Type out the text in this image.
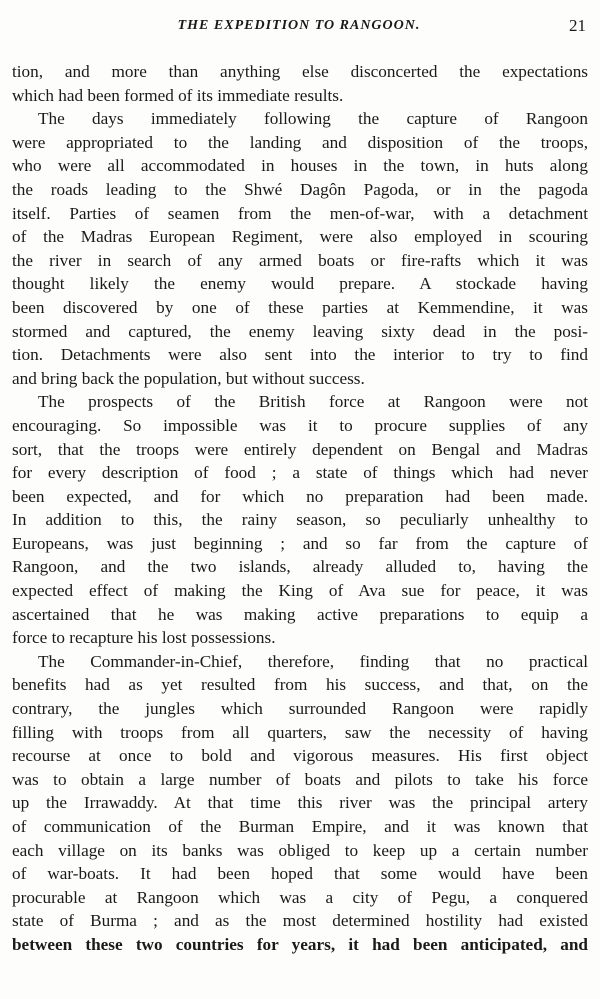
THE EXPEDITION TO RANGOON.	21
tion, and more than anything else disconcerted the expectations
which had been formed of its immediate results.
The days immediately following the capture of Rangoon
were appropriated to the landing and disposition of the troops,
who were all accommodated in houses in the town, in huts along
the roads leading to the Shwé Dagôn Pagoda, or in the pagoda
itself. Parties of seamen from the men-of-war, with a detachment
of the Madras European Regiment, were also employed in scouring
the river in search of any armed boats or fire-rafts which it was
thought likely the enemy would prepare. A stockade having
been discovered by one of these parties at Kemmendine, it was
stormed and captured, the enemy leaving sixty dead in the posi-
tion. Detachments were also sent into the interior to try to find
and bring back the population, but without success.
The prospects of the British force at Rangoon were not
encouraging. So impossible was it to procure supplies of any
sort, that the troops were entirely dependent on Bengal and Madras
for every description of food ; a state of things which had never
been expected, and for which no preparation had been made.
In addition to this, the rainy season, so peculiarly unhealthy to
Europeans, was just beginning ; and so far from the capture of
Rangoon, and the two islands, already alluded to, having the
expected effect of making the King of Ava sue for peace, it was
ascertained that he was making active preparations to equip a
force to recapture his lost possessions.
The Commander-in-Chief, therefore, finding that no practical
benefits had as yet resulted from his success, and that, on the
contrary, the jungles which surrounded Rangoon were rapidly
filling with troops from all quarters, saw the necessity of having
recourse at once to bold and vigorous measures. His first object
was to obtain a large number of boats and pilots to take his force
up the Irrawaddy. At that time this river was the principal artery
of communication of the Burman Empire, and it was known that
each village on its banks was obliged to keep up a certain number
of war-boats. It had been hoped that some would have been
procurable at Rangoon which was a city of Pegu, a conquered
state of Burma ; and as the most determined hostility had existed
between these two countries for years, it had been anticipated, and
